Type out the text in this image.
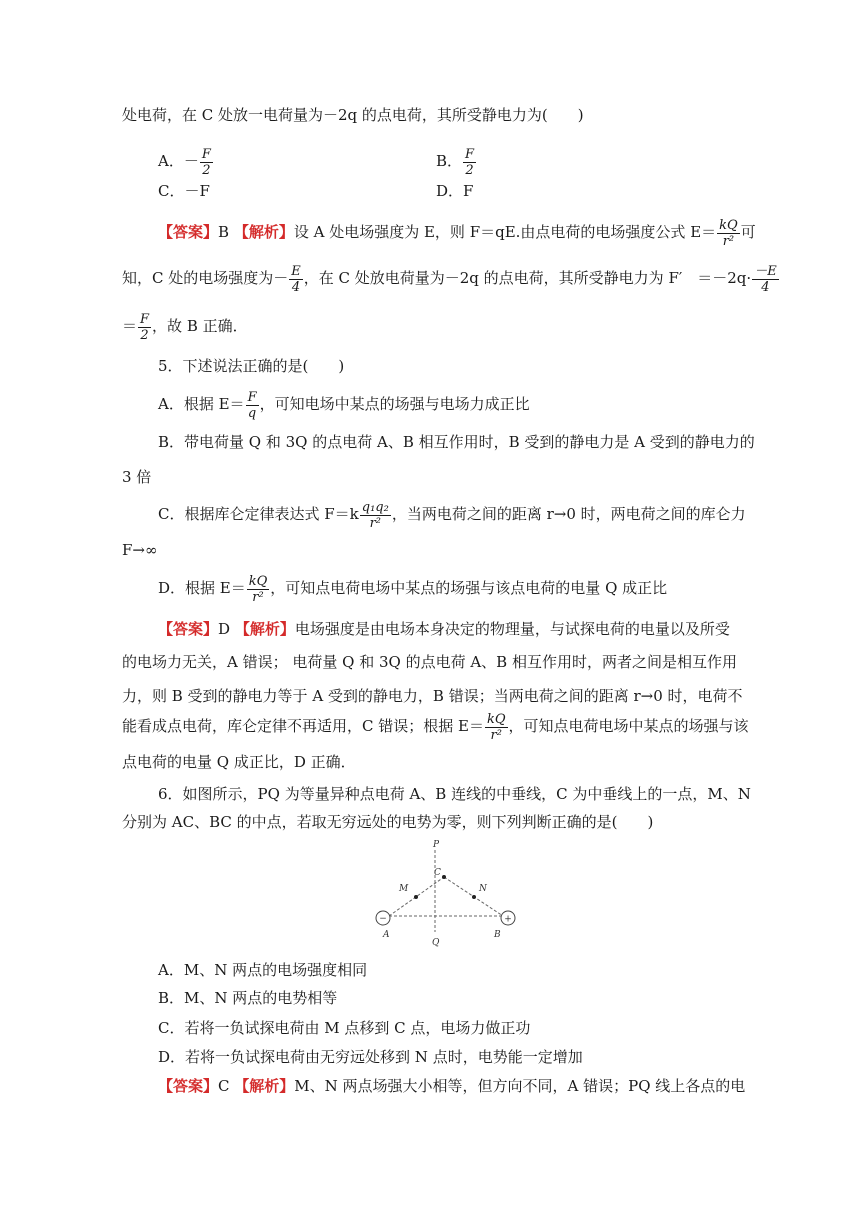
处电荷，在 C 处放一电荷量为－2q 的点电荷，其所受静电力为(　　)
A．－ $\frac{F}{2}$	B． $\frac{F}{2}$
C．－F	D．F
【答案】B 【解析】设 A 处电场强度为 E，则 F＝qE.由点电荷的电场强度公式 $E= \frac{kQ}{\text{r²}}$ 可
知，C 处的电场强度为－ $\frac{E}{4}$ ，在 C 处放电荷量为－2q 的点电荷，其所受静电力为 F′　$=-2q\cdot \frac{-E}{4}$
＝ $\frac{F}{2}$ ，故 B 正确．
5．下述说法正确的是(　　)
A．根据 $E= \frac{F}{q}$ ，可知电场中某点的场强与电场力成正比
B．带电荷量 Q 和 3Q 的点电荷 A、B 相互作用时，B 受到的静电力是 A 受到的静电力的
3 倍
C．根据库仑定律表达式 $F=k \frac{\text{q₁q₂}}{\text{r²}}$ ，当两电荷之间的距离 r→0 时，两电荷之间的库仑力
F→∞
D．根据 $E= \frac{kQ}{\text{r²}}$ ，可知点电荷电场中某点的场强与该点电荷的电量 Q 成正比
【答案】D 【解析】电场强度是由电场本身决定的物理量，与试探电荷的电量以及所受
的电场力无关，A 错误； 电荷量 Q 和 3Q 的点电荷 A、B 相互作用时，两者之间是相互作用
力，则 B 受到的静电力等于 A 受到的静电力，B 错误；当两电荷之间的距离 r→0 时，电荷不
能看成点电荷，库仑定律不再适用，C 错误；根据 $E= \frac{kQ}{\text{r²}}$ ，可知点电荷电场中某点的场强与该
点电荷的电量 Q 成正比，D 正确．
6．如图所示，PQ 为等量异种点电荷 A、B 连线的中垂线，C 为中垂线上的一点，M、N
分别为 AC、BC 的中点，若取无穷远处的电势为零，则下列判断正确的是(　　)
−	+
P
Q
C
M	N
A	B
A．M、N 两点的电场强度相同
B．M、N 两点的电势相等
C．若将一负试探电荷由 M 点移到 C 点，电场力做正功
D．若将一负试探电荷由无穷远处移到 N 点时，电势能一定增加
【答案】C 【解析】M、N 两点场强大小相等，但方向不同，A 错误；PQ 线上各点的电
